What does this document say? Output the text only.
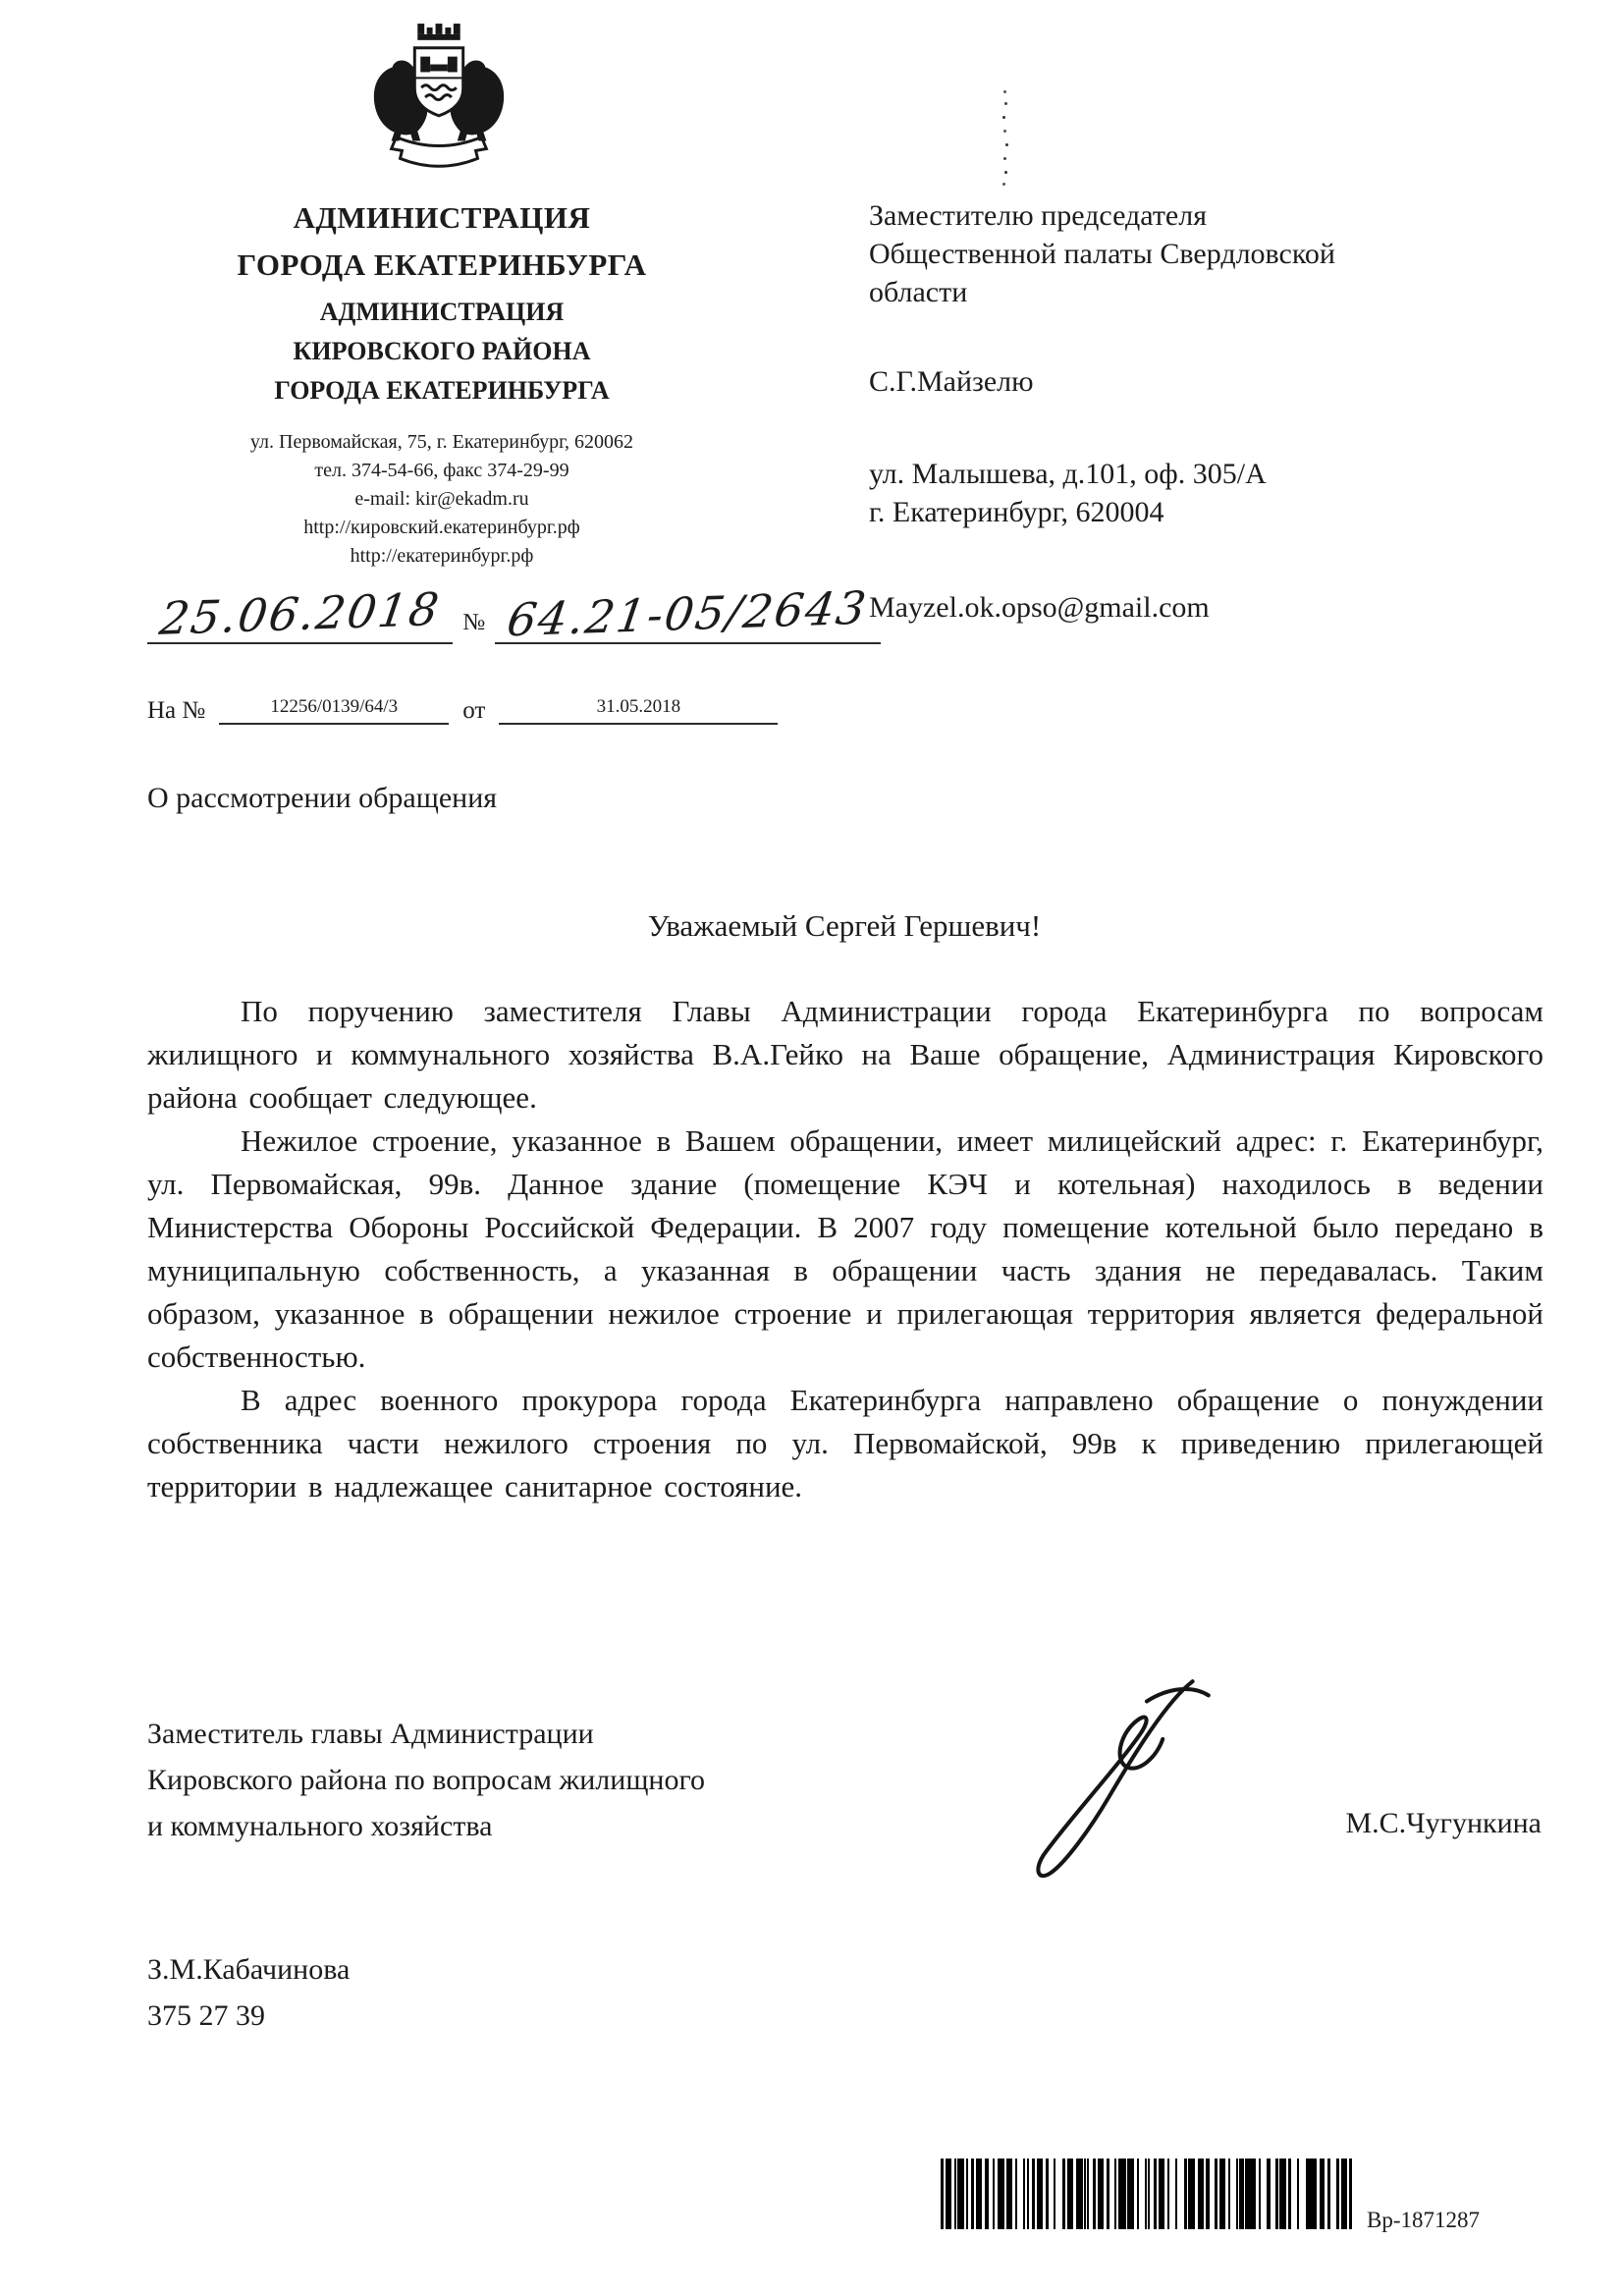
АДМИНИСТРАЦИЯ
ГОРОДА ЕКАТЕРИНБУРГА
АДМИНИСТРАЦИЯ
КИРОВСКОГО РАЙОНА
ГОРОДА ЕКАТЕРИНБУРГА
ул. Первомайская, 75, г. Екатеринбург, 620062
тел. 374-54-66, факс 374-29-99
e-mail: kir@ekadm.ru
http://кировский.екатеринбург.рф
http://екатеринбург.рф
Заместителю председателя
Общественной палаты Свердловской
области
С.Г.Майзелю
ул. Малышева, д.101, оф. 305/А
г. Екатеринбург, 620004
Mayzel.ok.opso@gmail.com
25.06.2018 № 64.21-05/2643
На №	12256/0139/64/3	от	31.05.2018
О рассмотрении обращения
Уважаемый Сергей Гершевич!

По поручению заместителя Главы Администрации города Екатеринбурга по вопросам жилищного и коммунального хозяйства В.А.Гейко на Ваше обращение, Администрация Кировского района сообщает следующее.

Нежилое строение, указанное в Вашем обращении, имеет милицейский адрес: г. Екатеринбург, ул. Первомайская, 99в. Данное здание (помещение КЭЧ и котельная) находилось в ведении Министерства Обороны Российской Федерации. В 2007 году помещение котельной было передано в муниципальную собственность, а указанная в обращении часть здания не передавалась. Таким образом, указанное в обращении нежилое строение и прилегающая территория является федеральной собственностью.

В адрес военного прокурора города Екатеринбурга направлено обращение о понуждении собственника части нежилого строения по ул. Первомайской, 99в к приведению прилегающей территории в надлежащее санитарное состояние.

Заместитель главы Администрации
Кировского района по вопросам жилищного
и коммунального хозяйства	М.С.Чугункина
З.М.Кабачинова
375 27 39
Вр-1871287
